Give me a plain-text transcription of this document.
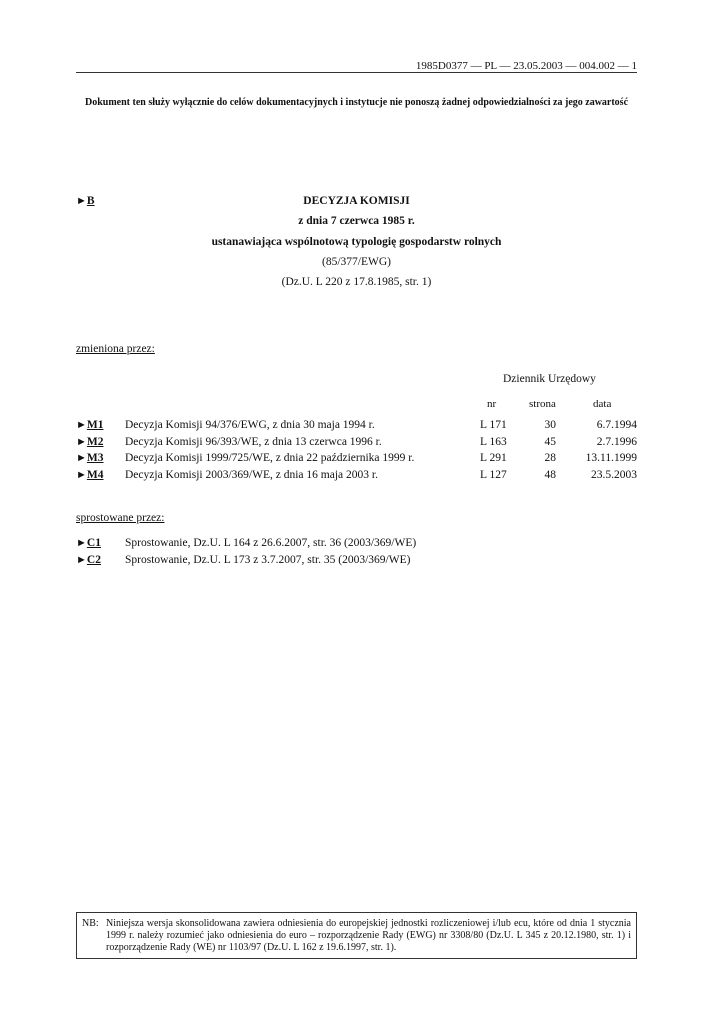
1985D0377 — PL — 23.05.2003 — 004.002 — 1
Dokument ten służy wyłącznie do celów dokumentacyjnych i instytucje nie ponoszą żadnej odpowiedzialności za jego zawartość
►B	DECYZJA KOMISJI
z dnia 7 czerwca 1985 r.
ustanawiająca wspólnotową typologię gospodarstw rolnych
(85/377/EWG)
(Dz.U. L 220 z 17.8.1985, str. 1)
zmieniona przez:
Dziennik Urzędowy
nr	strona	data
►M1 Decyzja Komisji 94/376/EWG, z dnia 30 maja 1994 r.	L 171	30	6.7.1994
►M2 Decyzja Komisji 96/393/WE, z dnia 13 czerwca 1996 r.	L 163	45	2.7.1996
►M3 Decyzja Komisji 1999/725/WE, z dnia 22 października 1999 r.	L 291	28	13.11.1999
►M4 Decyzja Komisji 2003/369/WE, z dnia 16 maja 2003 r.	L 127	48	23.5.2003
sprostowane przez:
►C1 Sprostowanie, Dz.U. L 164 z 26.6.2007, str. 36 (2003/369/WE)
►C2 Sprostowanie, Dz.U. L 173 z 3.7.2007, str. 35 (2003/369/WE)
NB: Niniejsza wersja skonsolidowana zawiera odniesienia do europejskiej jednostki rozliczeniowej i/lub ecu, które od dnia 1 stycznia 1999 r. należy rozumieć jako odniesienia do euro – rozporządzenie Rady (EWG) nr 3308/80 (Dz.U. L 345 z 20.12.1980, str. 1) i rozporządzenie Rady (WE) nr 1103/97 (Dz.U. L 162 z 19.6.1997, str. 1).
